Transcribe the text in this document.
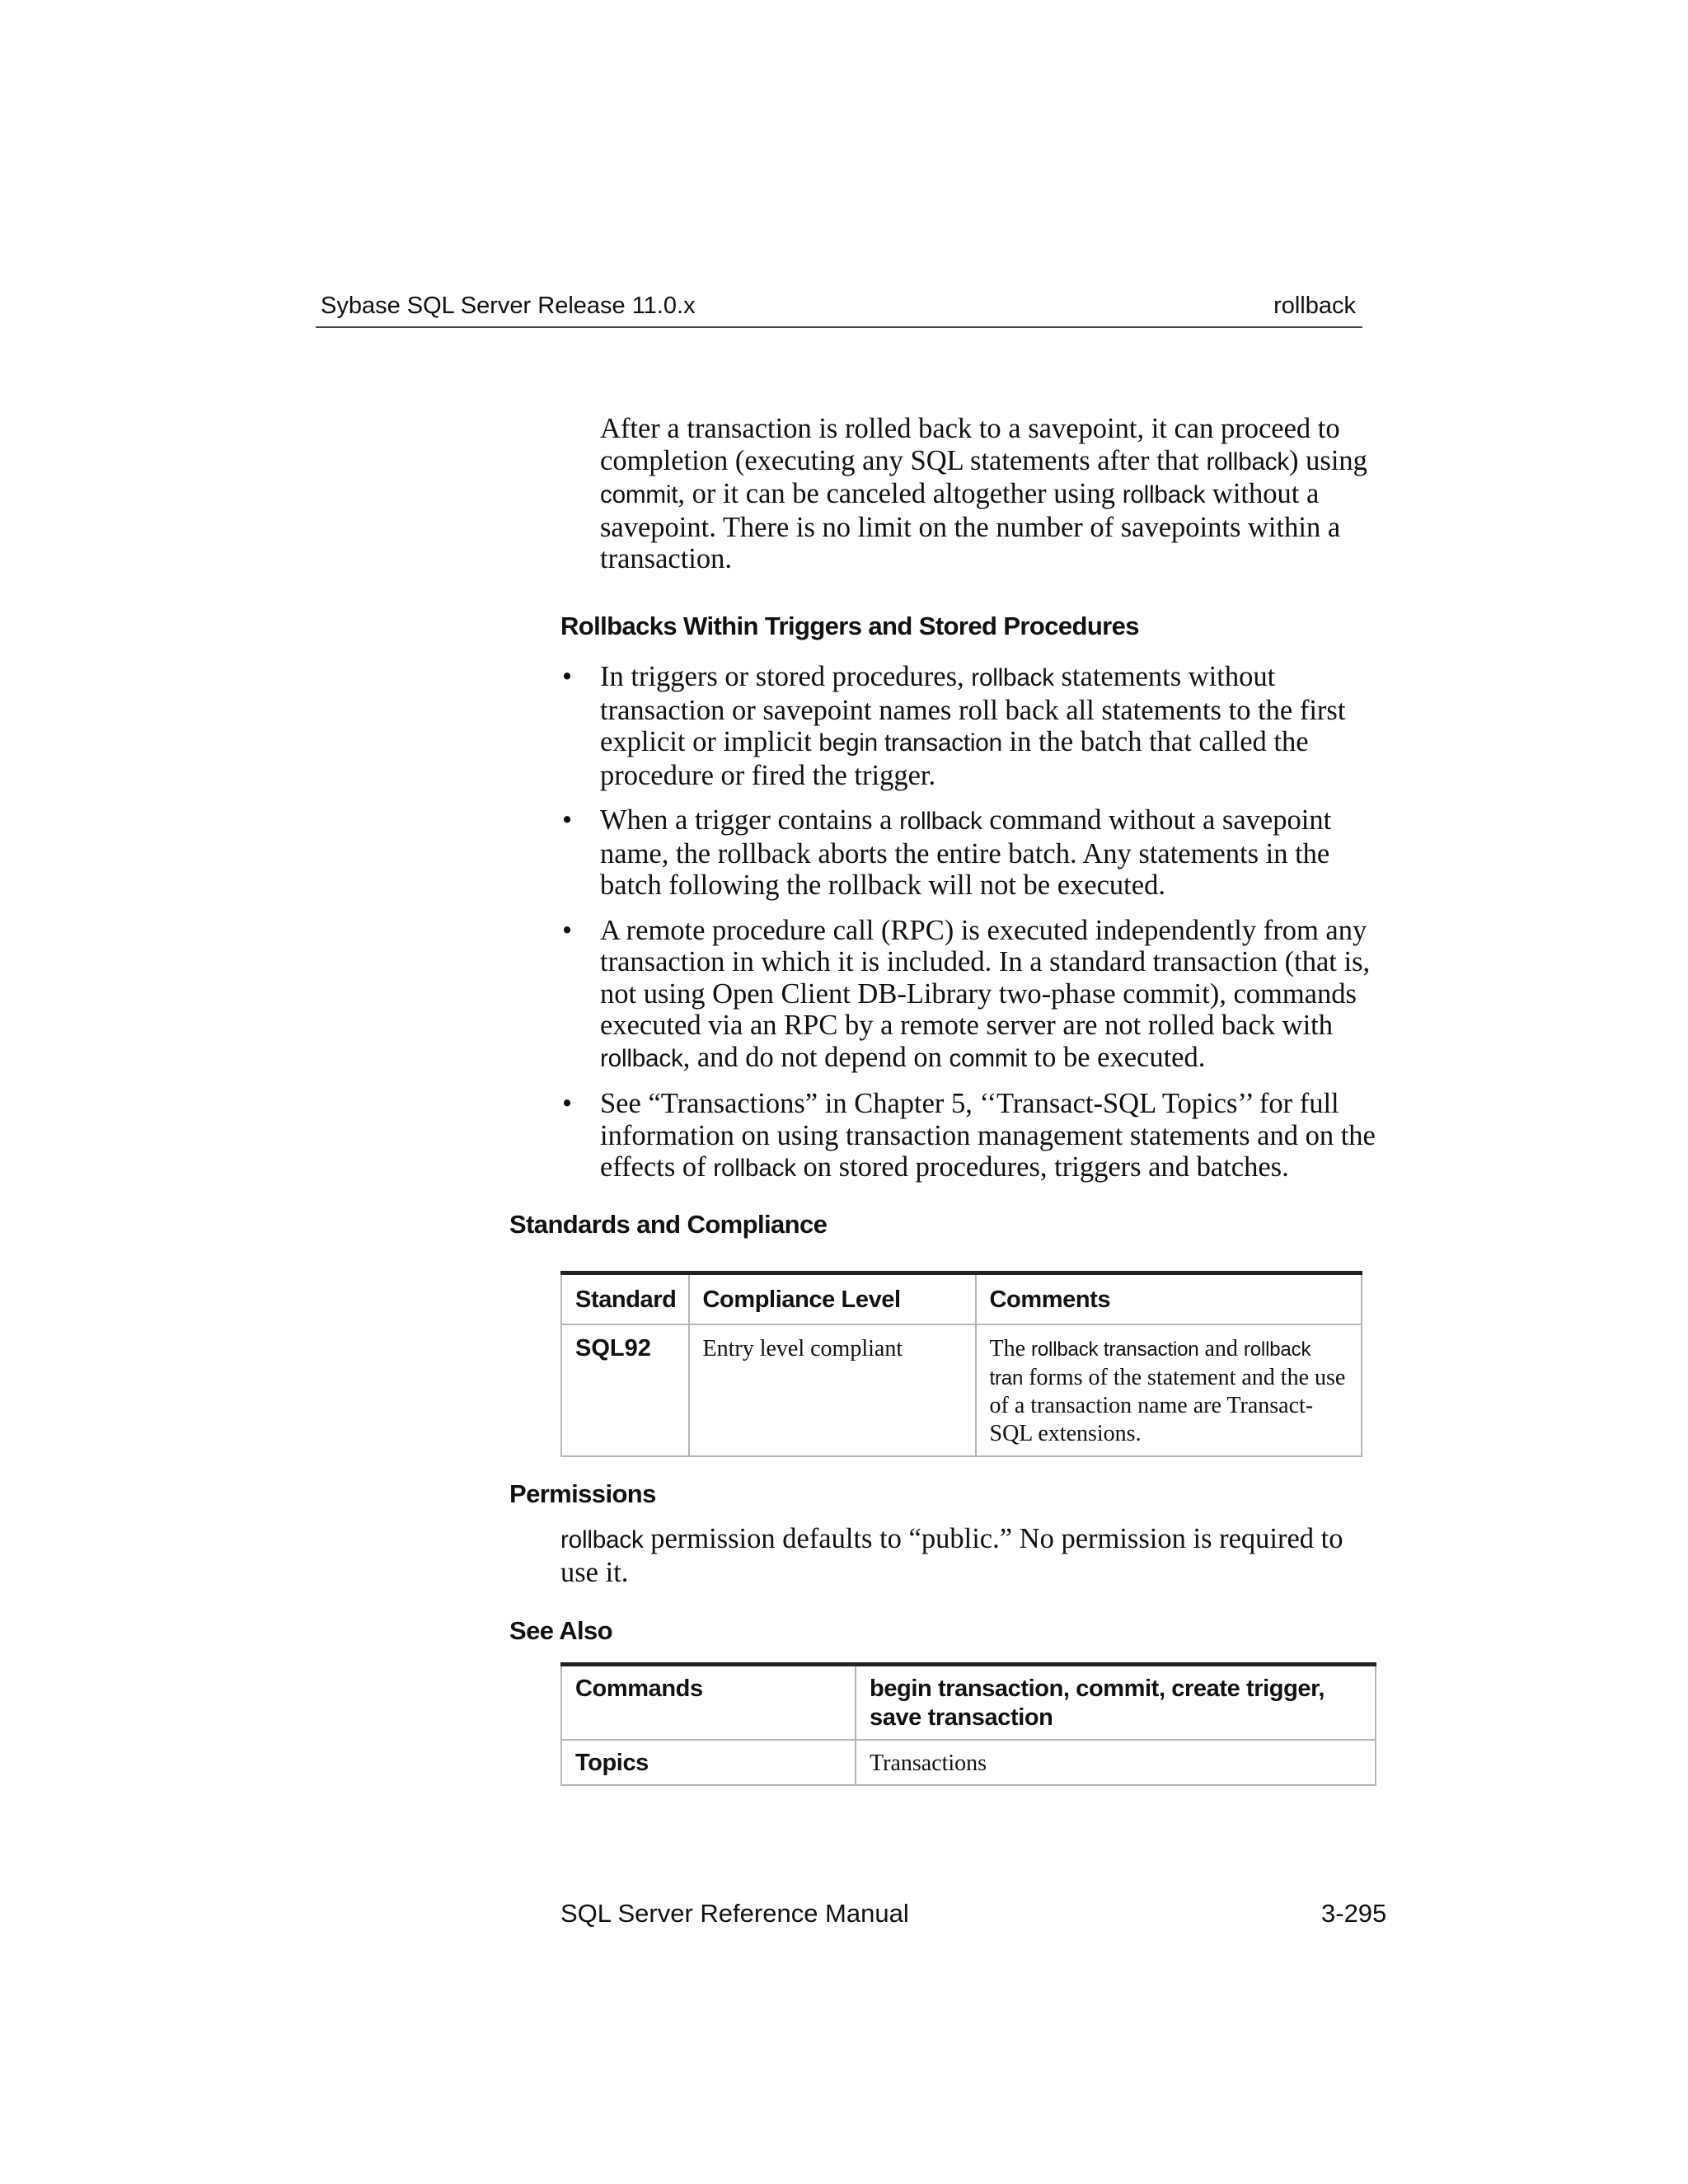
Sybase SQL Server Release 11.0.x	rollback

After a transaction is rolled back to a savepoint, it can proceed to completion (executing any SQL statements after that rollback) using commit, or it can be canceled altogether using rollback without a savepoint. There is no limit on the number of savepoints within a transaction.

Rollbacks Within Triggers and Stored Procedures
• In triggers or stored procedures, rollback statements without transaction or savepoint names roll back all statements to the first explicit or implicit begin transaction in the batch that called the procedure or fired the trigger.
• When a trigger contains a rollback command without a savepoint name, the rollback aborts the entire batch. Any statements in the batch following the rollback will not be executed.
• A remote procedure call (RPC) is executed independently from any transaction in which it is included. In a standard transaction (that is, not using Open Client DB-Library two-phase commit), commands executed via an RPC by a remote server are not rolled back with rollback, and do not depend on commit to be executed.
• See “Transactions” in Chapter 5, ‘‘Transact-SQL Topics’’ for full information on using transaction management statements and on the effects of rollback on stored procedures, triggers and batches.
Standards and Compliance
Standard	Compliance Level	Comments
SQL92	Entry level compliant	The rollback transaction and rollback tran forms of the statement and the use of a transaction name are Transact-SQL extensions.
Permissions

rollback permission defaults to “public.” No permission is required to use it.

See Also
Commands	begin transaction, commit, create trigger, save transaction
Topics	Transactions
SQL Server Reference Manual	3-295
